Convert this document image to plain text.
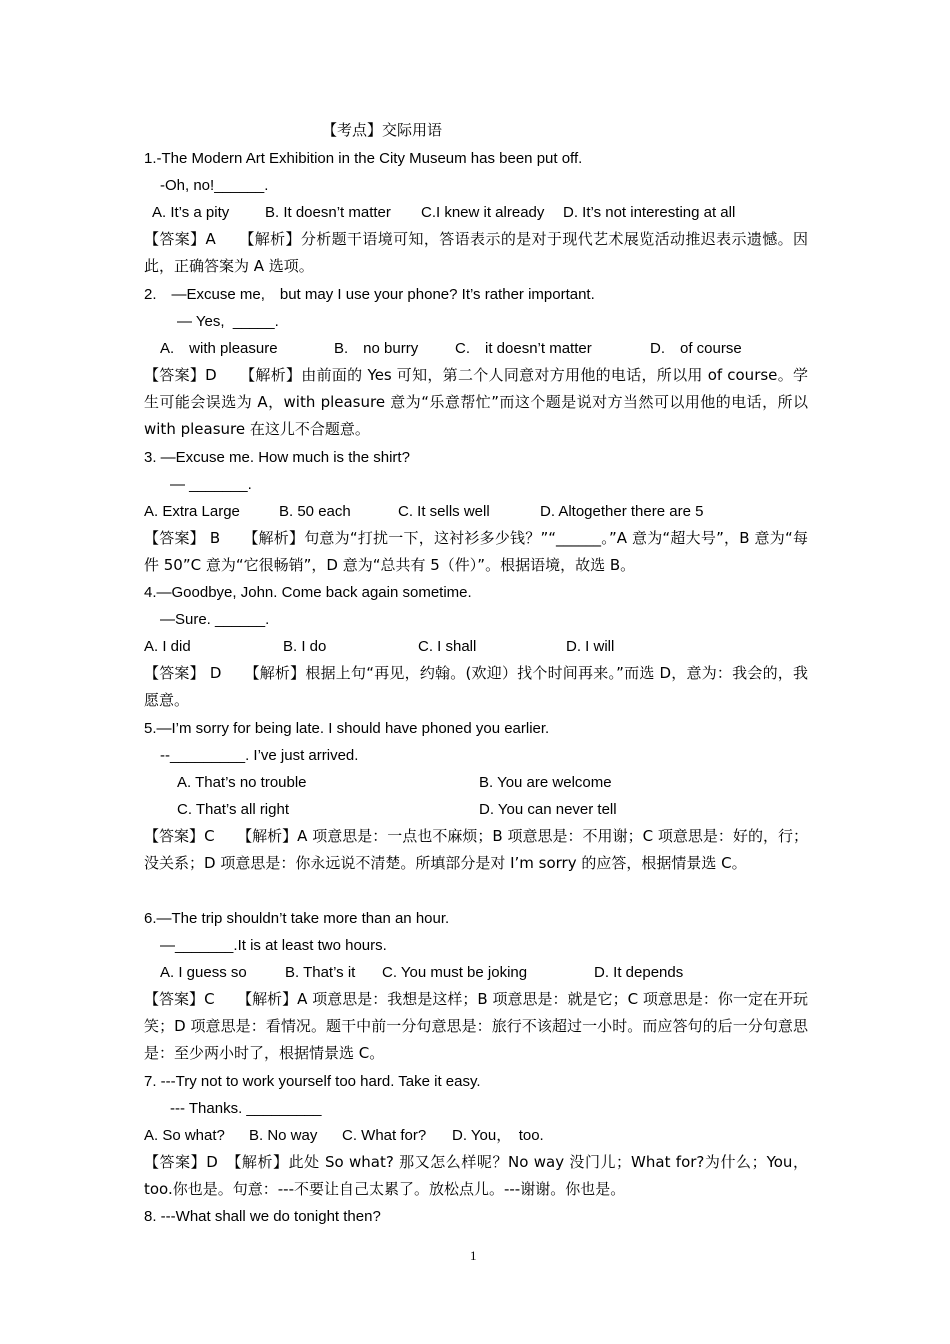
【考点】交际用语
1.-The Modern Art Exhibition in the City Museum has been put off.
-Oh, no!______.
A. It’s a pity B. It doesn’t matter C.I knew it already D. It’s not interesting at all
【答案】A　　【解析】分析题干语境可知，答语表示的是对于现代艺术展览活动推迟表示遗憾。因此，正确答案为 A 选项。
2.　—Excuse me,　but may I use your phone? It’s rather important.
— Yes,  _____.
A.　with pleasure	B.　no burry C.　it doesn’t matter	D.　of course
【答案】D　　【解析】由前面的 Yes 可知，第二个人同意对方用他的电话，所以用 of course。学生可能会误选为 A，with pleasure 意为“乐意帮忙”而这个题是说对方当然可以用他的电话，所以 with pleasure 在这儿不合题意。
3. —Excuse me. How much is the shirt?
— _______.
A. Extra Large	B. 50 each	C. It sells well	D. Altogether there are 5
【答案】 B　　【解析】句意为“打扰一下，这衬衫多少钱？”“______。”A 意为“超大号”，B 意为“每件 50”C 意为“它很畅销”，D 意为“总共有 5（件）”。根据语境，故选 B。
4.—Goodbye, John. Come back again sometime.
—Sure. ______.
A. I did	B. I do	C. I shall	D. I will
【答案】 D　　【解析】根据上句“再见，约翰。(欢迎）找个时间再来。”而选 D，意为：我会的，我愿意。
5.—I’m sorry for being late. I should have phoned you earlier.
--_________. I’ve just arrived.
A. That’s no trouble	B. You are welcome
C. That’s all right	D. You can never tell
【答案】C　　【解析】A 项意思是：一点也不麻烦；B 项意思是：不用谢；C 项意思是：好的，行；没关系；D 项意思是：你永远说不清楚。所填部分是对 I’m sorry 的应答，根据情景选 C。
6.—The trip shouldn’t take more than an hour.
—_______.It is at least two hours.
A. I guess so	B. That’s it C. You must be joking	D. It depends
【答案】C　　【解析】A 项意思是：我想是这样；B 项意思是：就是它；C 项意思是：你一定在开玩笑；D 项意思是：看情况。题干中前一分句意思是：旅行不该超过一小时。而应答句的后一分句意思是：至少两小时了，根据情景选 C。
7. ---Try not to work yourself too hard. Take it easy.
--- Thanks. _________
A. So what? B. No way C. What for? D. You，　too.
【答案】D　【解析】此处 So what? 那又怎么样呢？No way 没门儿；What for?为什么；You，too.你也是。句意：---不要让自己太累了。放松点儿。---谢谢。你也是。
8. ---What shall we do tonight then?
1
